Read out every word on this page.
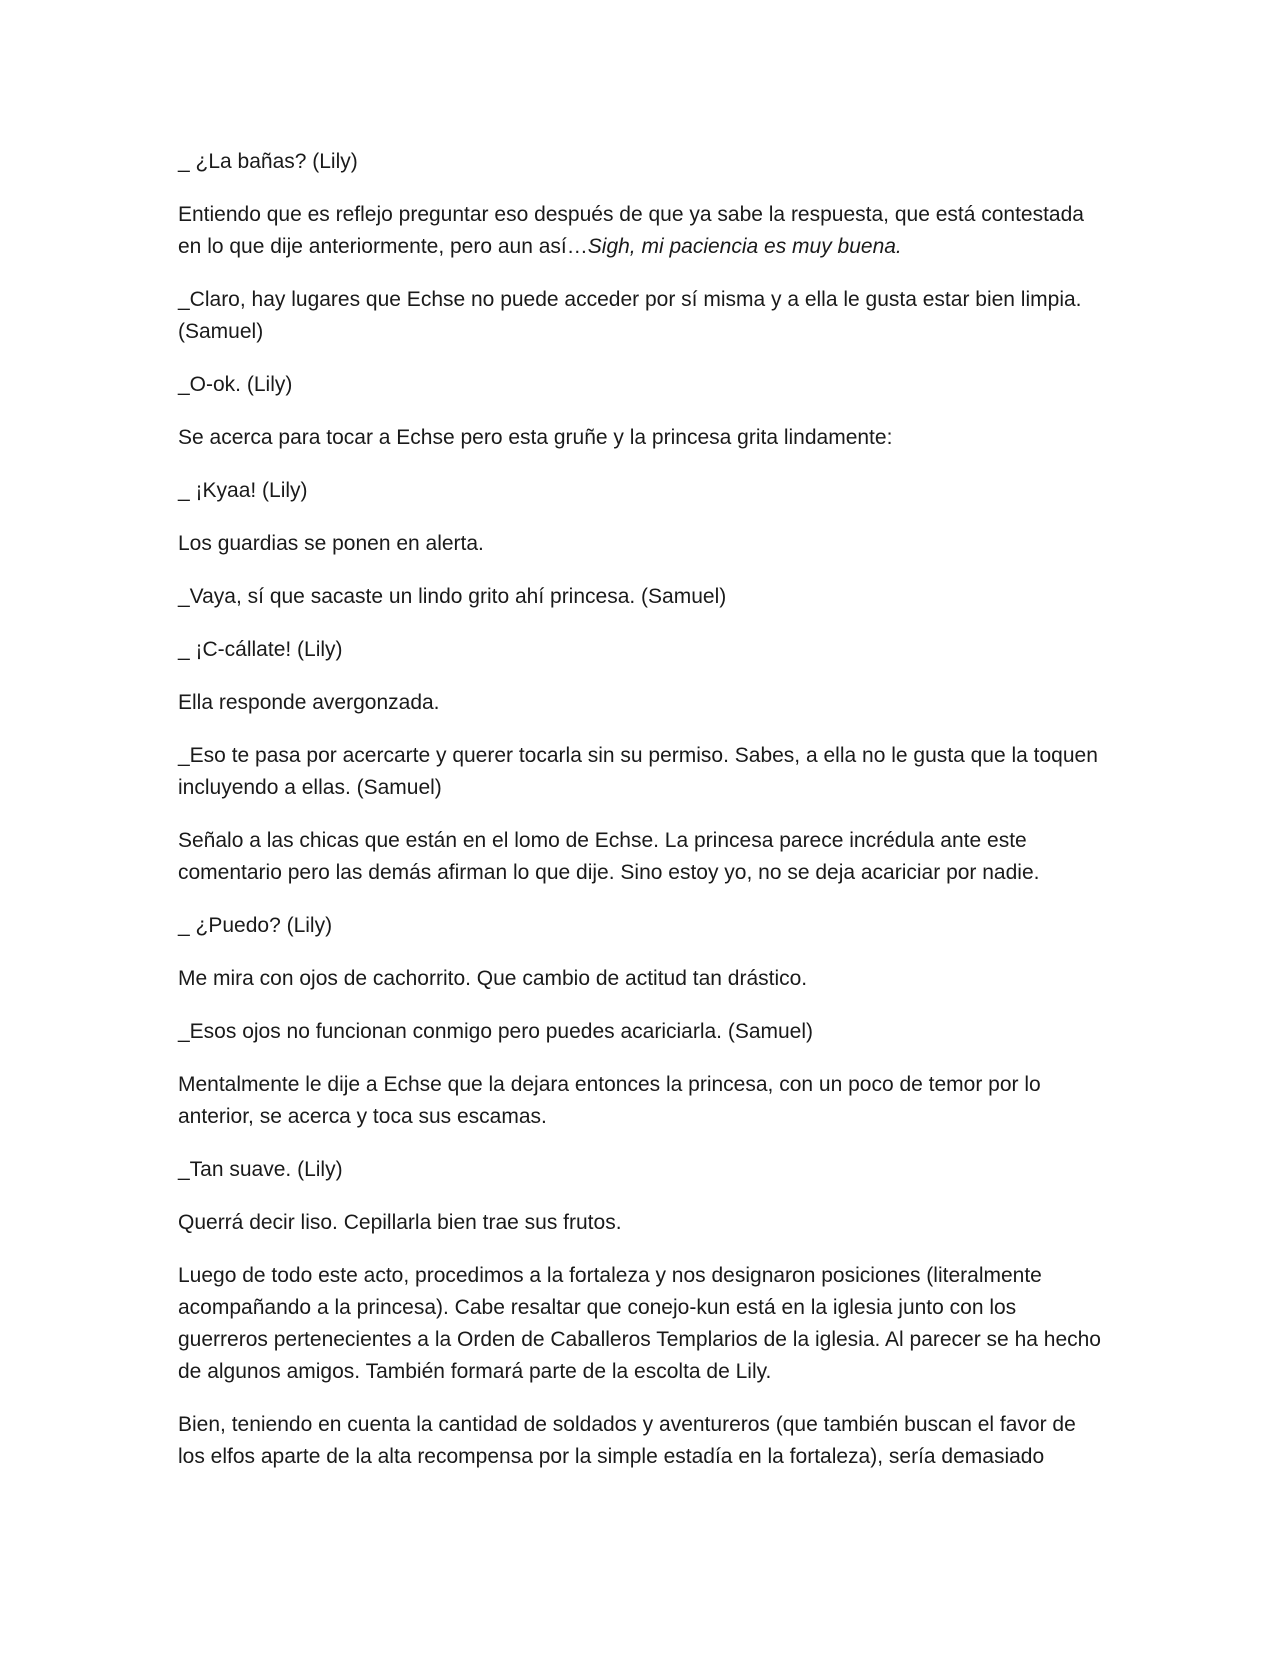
_ ¿La bañas? (Lily)

Entiendo que es reflejo preguntar eso después de que ya sabe la respuesta, que está contestada en lo que dije anteriormente, pero aun así…Sigh, mi paciencia es muy buena.

_Claro, hay lugares que Echse no puede acceder por sí misma y a ella le gusta estar bien limpia. (Samuel)

_O-ok. (Lily)

Se acerca para tocar a Echse pero esta gruñe y la princesa grita lindamente:

_ ¡Kyaa! (Lily)

Los guardias se ponen en alerta.

_Vaya, sí que sacaste un lindo grito ahí princesa. (Samuel)

_ ¡C-cállate! (Lily)

Ella responde avergonzada.

_Eso te pasa por acercarte y querer tocarla sin su permiso. Sabes, a ella no le gusta que la toquen incluyendo a ellas. (Samuel)

Señalo a las chicas que están en el lomo de Echse. La princesa parece incrédula ante este comentario pero las demás afirman lo que dije. Sino estoy yo, no se deja acariciar por nadie.

_ ¿Puedo? (Lily)

Me mira con ojos de cachorrito. Que cambio de actitud tan drástico.

_Esos ojos no funcionan conmigo pero puedes acariciarla. (Samuel)

Mentalmente le dije a Echse que la dejara entonces la princesa, con un poco de temor por lo anterior, se acerca y toca sus escamas.

_Tan suave. (Lily)

Querrá decir liso. Cepillarla bien trae sus frutos.

Luego de todo este acto, procedimos a la fortaleza y nos designaron posiciones (literalmente acompañando a la princesa). Cabe resaltar que conejo-kun está en la iglesia junto con los guerreros pertenecientes a la Orden de Caballeros Templarios de la iglesia. Al parecer se ha hecho de algunos amigos. También formará parte de la escolta de Lily.

Bien, teniendo en cuenta la cantidad de soldados y aventureros (que también buscan el favor de los elfos aparte de la alta recompensa por la simple estadía en la fortaleza), sería demasiado
